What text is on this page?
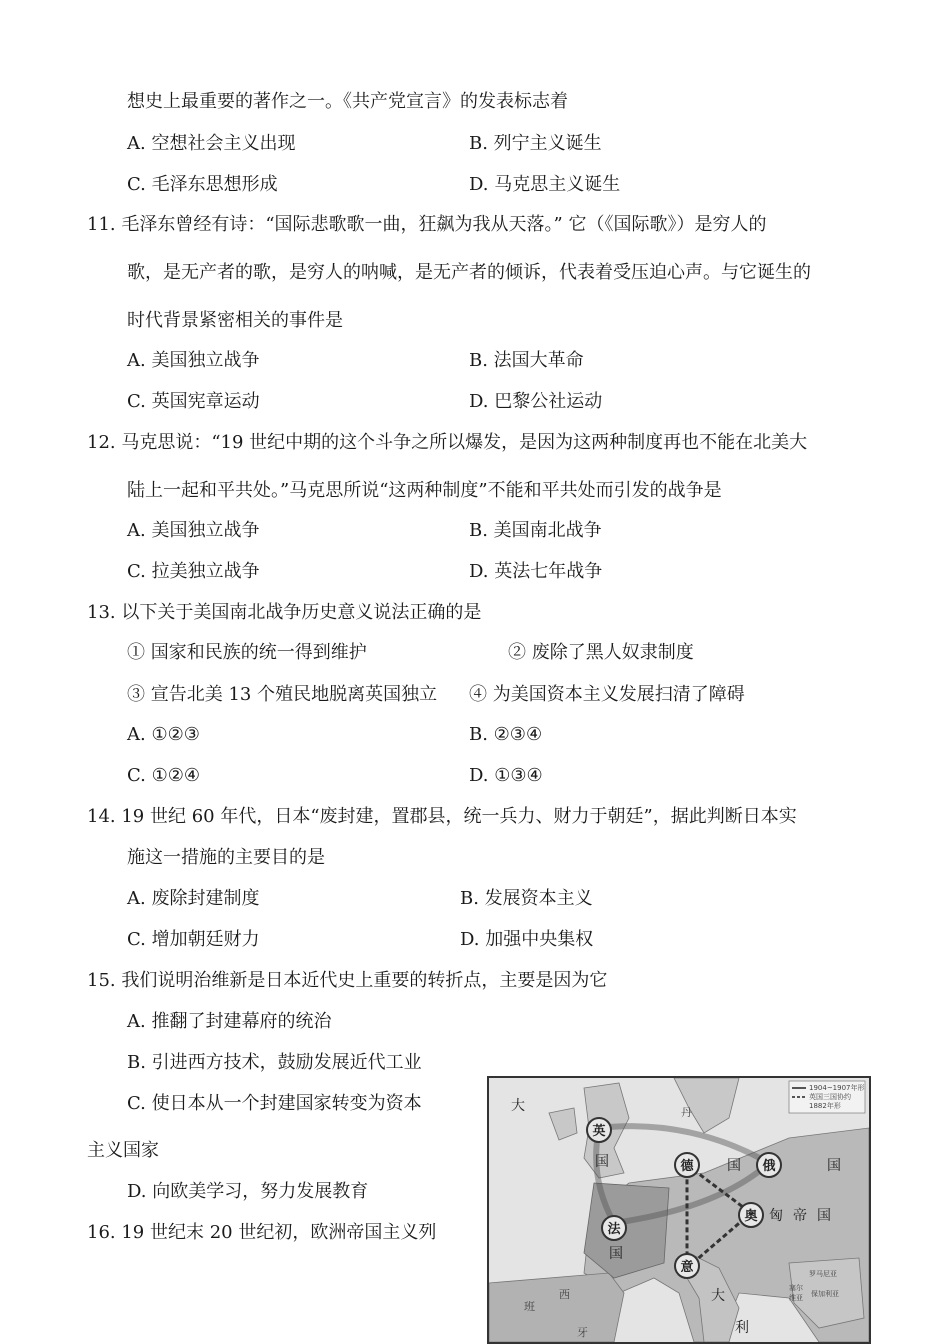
想史上最重要的著作之一。《共产党宣言》的发表标志着
A. 空想社会主义出现	B. 列宁主义诞生
C. 毛泽东思想形成	D. 马克思主义诞生
11. 毛泽东曾经有诗：“国际悲歌歌一曲，狂飙为我从天落。” 它（《国际歌》）是穷人的
歌，是无产者的歌，是穷人的呐喊，是无产者的倾诉，代表着受压迫心声。与它诞生的
时代背景紧密相关的事件是
A. 美国独立战争	B. 法国大革命
C. 英国宪章运动	D. 巴黎公社运动
12. 马克思说：“19 世纪中期的这个斗争之所以爆发，是因为这两种制度再也不能在北美大
陆上一起和平共处。”马克思所说“这两种制度”不能和平共处而引发的战争是
A. 美国独立战争	B. 美国南北战争
C. 拉美独立战争	D. 英法七年战争
13. 以下关于美国南北战争历史意义说法正确的是
① 国家和民族的统一得到维护	② 废除了黑人奴隶制度
③ 宣告北美 13 个殖民地脱离英国独立 ④ 为美国资本主义发展扫清了障碍
A. ①②③	B. ②③④
C. ①②④	D. ①③④
14. 19 世纪 60 年代，日本“废封建，置郡县，统一兵力、财力于朝廷”，据此判断日本实
施这一措施的主要目的是
A. 废除封建制度	B. 发展资本主义
C. 增加朝廷财力	D. 加强中央集权
15. 我们说明治维新是日本近代史上重要的转折点，主要是因为它
A. 推翻了封建幕府的统治
B. 引进西方技术，鼓励发展近代工业
C. 使日本从一个封建国家转变为资本
主义国家
D. 向欧美学习，努力发展教育
16. 19 世纪末 20 世纪初，欧洲帝国主义列
1904~1907年形
英国三国协约
1882年形
英
德	俄
法
奥
意
国	国	国
匈帝国
国
大
利
大	丹
西
班
牙
罗马尼亚
保加利亚
塞尔
维亚
